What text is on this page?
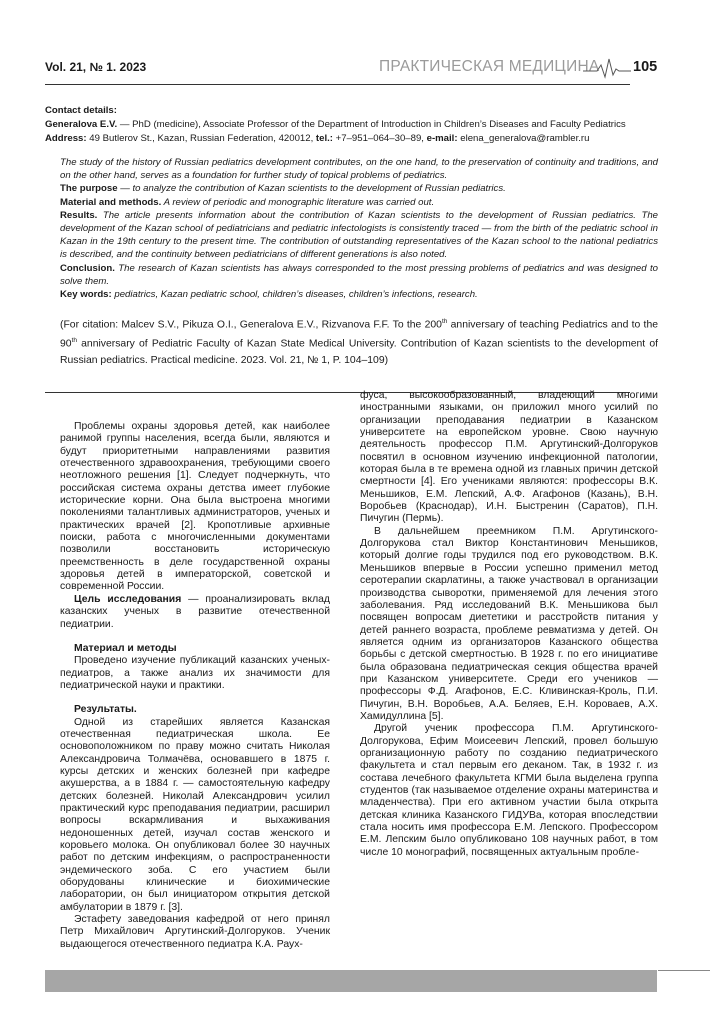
Vol. 21, № 1. 2023	ПРАКТИЧЕСКАЯ МЕДИЦИНА 105
Contact details:
Generalova E.V. — PhD (medicine), Associate Professor of the Department of Introduction in Children’s Diseases and Faculty Pediatrics
Address: 49 Butlerov St., Kazan, Russian Federation, 420012, tel.: +7–951–064–30–89, e-mail: elena_generalova@rambler.ru

The study of the history of Russian pediatrics development contributes, on the one hand, to the preservation of continuity and traditions, and on the other hand, serves as a foundation for further study of topical problems of pediatrics.

The purpose — to analyze the contribution of Kazan scientists to the development of Russian pediatrics.

Material and methods. A review of periodic and monographic literature was carried out.

Results. The article presents information about the contribution of Kazan scientists to the development of Russian pediatrics. The development of the Kazan school of pediatricians and pediatric infectologists is consistently traced — from the birth of the pediatric school in Kazan in the 19th century to the present time. The contribution of outstanding representatives of the Kazan school to the national pediatrics is described, and the continuity between pediatricians of different generations is also noted.

Conclusion. The research of Kazan scientists has always corresponded to the most pressing problems of pediatrics and was designed to solve them.

Key words: pediatrics, Kazan pediatric school, children’s diseases, children’s infections, research.

(For citation: Malcev S.V., Pikuza O.I., Generalova E.V., Rizvanova F.F. To the 200th anniversary of teaching Pediatrics and to the 90th anniversary of Pediatric Faculty of Kazan State Medical University. Contribution of Kazan scientists to the development of Russian pediatrics. Practical medicine. 2023. Vol. 21, № 1, P. 104–109)

Проблемы охраны здоровья детей, как наиболее ранимой группы населения, всегда были, являются и будут приоритетными направлениями развития отечественного здравоохранения, требующими своего неотложного решения [1]. Следует подчеркнуть, что российская система охраны детства имеет глубокие исторические корни. Она была выстроена многими поколениями талантливых администраторов, ученых и практических врачей [2]. Кропотливые архивные поиски, работа с многочисленными документами позволили восстановить историческую преемственность в деле государственной охраны здоровья детей в императорской, советской и современной России.

Цель исследования — проанализировать вклад казанских ученых в развитие отечественной педиатрии.

Материал и методы

Проведено изучение публикаций казанских ученых-педиатров, а также анализ их значимости для педиатрической науки и практики.

Результаты.

Одной из старейших является Казанская отечественная педиатрическая школа. Ее основоположником по праву можно считать Николая Александровича Толмачёва, основавшего в 1875 г. курсы детских и женских болезней при кафедре акушерства, а в 1884 г. — самостоятельную кафедру детских болезней. Николай Александрович усилил практический курс преподавания педиатрии, расширил вопросы вскармливания и выхаживания недоношенных детей, изучал состав женского и коровьего молока. Он опубликовал более 30 научных работ по детским инфекциям, о распространенности эндемического зоба. С его участием были оборудованы клинические и биохимические лаборатории, он был инициатором открытия детской амбулатории в 1879 г. [3].

Эстафету заведования кафедрой от него принял Петр Михайлович Аргутинский-Долгоруков. Ученик выдающегося отечественного педиатра К.А. Раух-

фуса, высокообразованный, владеющий многими иностранными языками, он приложил много усилий по организации преподавания педиатрии в Казанском университете на европейском уровне. Свою научную деятельность профессор П.М. Аргутинский-Долгоруков посвятил в основном изучению инфекционной патологии, которая была в те времена одной из главных причин детской смертности [4]. Его учениками являются: профессоры В.К. Меньшиков, Е.М. Лепский, А.Ф. Агафонов (Казань), В.Н. Воробьев (Краснодар), И.Н. Быстренин (Саратов), П.Н. Пичугин (Пермь).

В дальнейшем преемником П.М. Аргутинского-Долгорукова стал Виктор Константинович Меньшиков, который долгие годы трудился под его руководством. В.К. Меньшиков впервые в России успешно применил метод серотерапии скарлатины, а также участвовал в организации производства сыворотки, применяемой для лечения этого заболевания. Ряд исследований В.К. Меньшикова был посвящен вопросам диететики и расстройств питания у детей раннего возраста, проблеме ревматизма у детей. Он является одним из организаторов Казанского общества борьбы с детской смертностью. В 1928 г. по его инициативе была образована педиатрическая секция общества врачей при Казанском университете. Среди его учеников — профессоры Ф.Д. Агафонов, Е.С. Кливинская-Кроль, П.И. Пичугин, В.Н. Воробьев, А.А. Беляев, Е.Н. Короваев, А.Х. Хамидуллина [5].

Другой ученик профессора П.М. Аргутинского-Долгорукова, Ефим Моисеевич Лепский, провел большую организационную работу по созданию педиатрического факультета и стал первым его деканом. Так, в 1932 г. из состава лечебного факультета КГМИ была выделена группа студентов (так называемое отделение охраны материнства и младенчества). При его активном участии была открыта детская клиника Казанского ГИДУВа, которая впоследствии стала носить имя профессора Е.М. Лепского. Профессором Е.М. Лепским было опубликовано 108 научных работ, в том числе 10 монографий, посвященных актуальным пробле-
